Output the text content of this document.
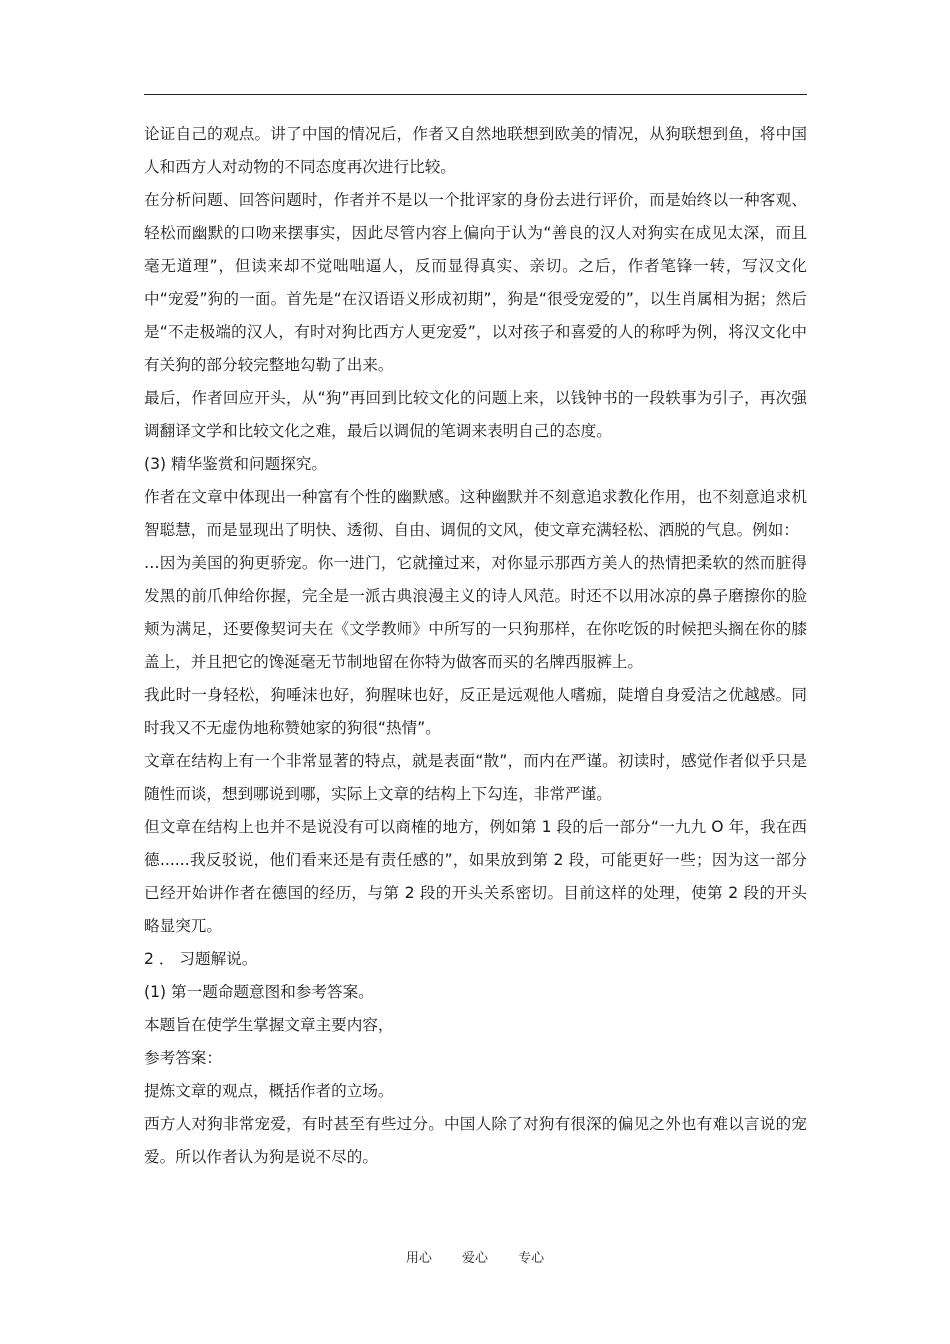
论证自己的观点。讲了中国的情况后，作者又自然地联想到欧美的情况，从狗联想到鱼，将中国人和西方人对动物的不同态度再次进行比较。

在分析问题、回答问题时，作者并不是以一个批评家的身份去进行评价，而是始终以一种客观、轻松而幽默的口吻来摆事实，因此尽管内容上偏向于认为“善良的汉人对狗实在成见太深，而且毫无道理”，但读来却不觉咄咄逼人，反而显得真实、亲切。之后，作者笔锋一转，写汉文化中“宠爱”狗的一面。首先是“在汉语语义形成初期”，狗是“很受宠爱的”，以生肖属相为据；然后是“不走极端的汉人，有时对狗比西方人更宠爱”，以对孩子和喜爱的人的称呼为例，将汉文化中有关狗的部分较完整地勾勒了出来。

最后，作者回应开头，从“狗”再回到比较文化的问题上来，以钱钟书的一段轶事为引子，再次强调翻译文学和比较文化之难，最后以调侃的笔调来表明自己的态度。

(3) 精华鉴赏和问题探究。

作者在文章中体现出一种富有个性的幽默感。这种幽默并不刻意追求教化作用，也不刻意追求机智聪慧，而是显现出了明快、透彻、自由、调侃的文风，使文章充满轻松、洒脱的气息。例如：

…因为美国的狗更骄宠。你一进门，它就撞过来，对你显示那西方美人的热情把柔软的然而脏得发黑的前爪伸给你握，完全是一派古典浪漫主义的诗人风范。时还不以用冰凉的鼻子磨擦你的脸颊为满足，还要像契诃夫在《文学教师》中所写的一只狗那样，在你吃饭的时候把头搁在你的膝盖上，并且把它的馋涎毫无节制地留在你特为做客而买的名牌西服裤上。

我此时一身轻松，狗唾沫也好，狗腥味也好，反正是远观他人嗜痂，陡增自身爱洁之优越感。同时我又不无虚伪地称赞她家的狗很“热情”。

文章在结构上有一个非常显著的特点，就是表面“散”，而内在严谨。初读时，感觉作者似乎只是随性而谈，想到哪说到哪，实际上文章的结构上下勾连，非常严谨。

但文章在结构上也并不是说没有可以商榷的地方，例如第 1 段的后一部分“一九九 O 年，我在西德......我反驳说，他们看来还是有责任感的”，如果放到第 2 段，可能更好一些；因为这一部分已经开始讲作者在德国的经历，与第 2 段的开头关系密切。目前这样的处理，使第 2 段的开头略显突兀。

2 ． 习题解说。

(1) 第一题命题意图和参考答案。

本题旨在使学生掌握文章主要内容，

参考答案：

提炼文章的观点，概括作者的立场。

西方人对狗非常宠爱，有时甚至有些过分。中国人除了对狗有很深的偏见之外也有难以言说的宠爱。所以作者认为狗是说不尽的。

用心 爱心 专心
